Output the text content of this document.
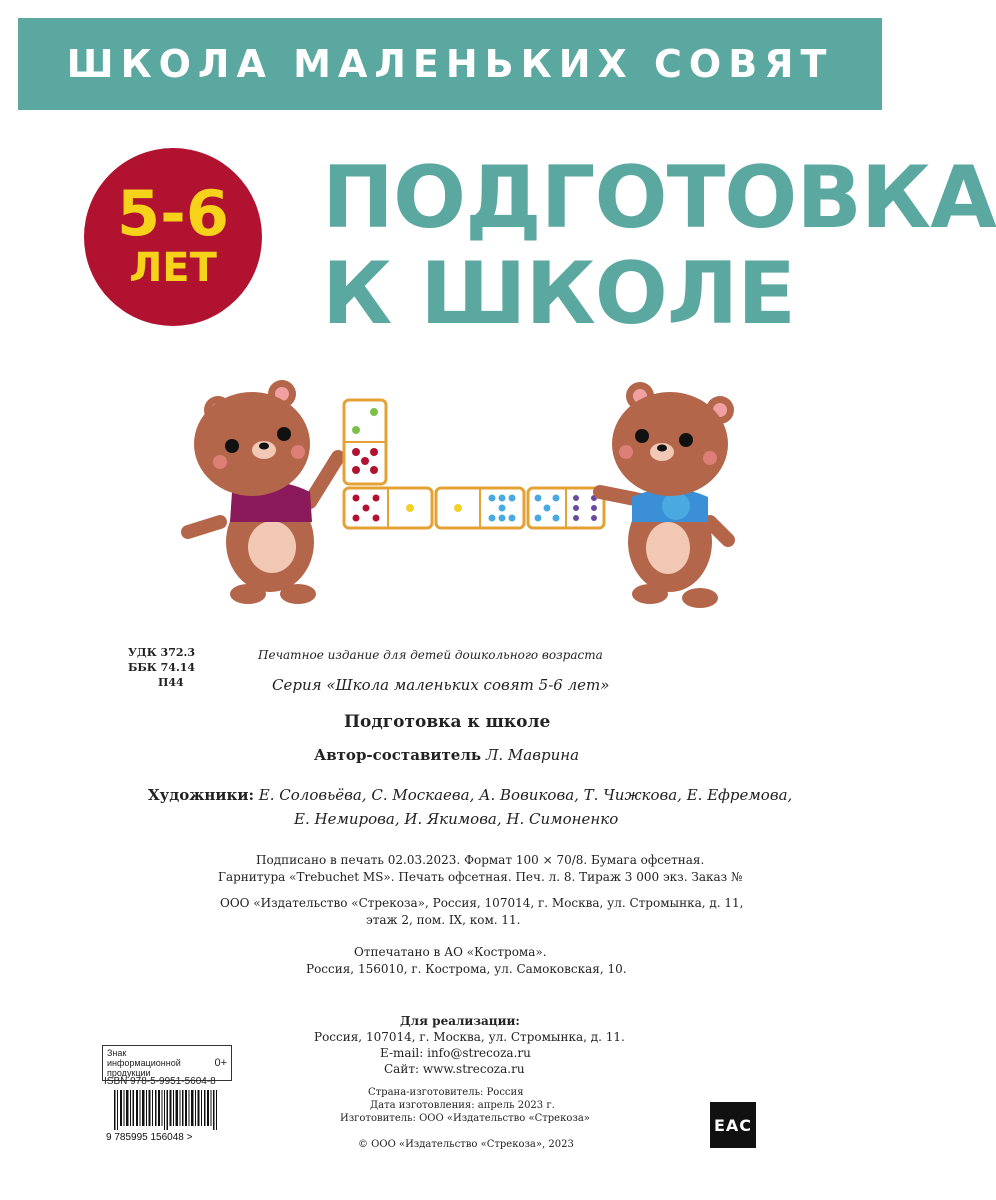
ШКОЛА МАЛЕНЬКИХ СОВЯТ
5-6
ЛЕТ
ПОДГОТОВКА
К ШКОЛЕ
УДК 372.3
ББК 74.14
П44
Печатное издание для детей дошкольного возраста
Серия «Школа маленьких совят 5-6 лет»
Подготовка к школе
Автор-составитель Л. Маврина
Художники: Е. Соловьёва, С. Москаева, А. Вовикова, Т. Чижкова, Е. Ефремова,
Е. Немирова, И. Якимова, Н. Симоненко
Подписано в печать 02.03.2023. Формат 100 × 70/8. Бумага офсетная.
Гарнитура «Trebuchet MS». Печать офсетная. Печ. л. 8. Тираж 3 000 экз. Заказ №
ООО «Издательство «Стрекоза», Россия, 107014, г. Москва, ул. Стромынка, д. 11,
этаж 2, пом. IX, ком. 11.
Отпечатано в АО «Кострома».
Россия, 156010, г. Кострома, ул. Самоковская, 10.
Для реализации:
Россия, 107014, г. Москва, ул. Стромынка, д. 11.
E-mail: info@strecoza.ru
Сайт: www.strecoza.ru
Страна-изготовитель: Россия
Дата изготовления: апрель 2023 г.
Изготовитель: ООО «Издательство «Стрекоза»
© ООО «Издательство «Стрекоза», 2023
Знак информационной продукции
0+
ISBN 978-5-9951-5604-8
9 785995 156048 >
EAC
